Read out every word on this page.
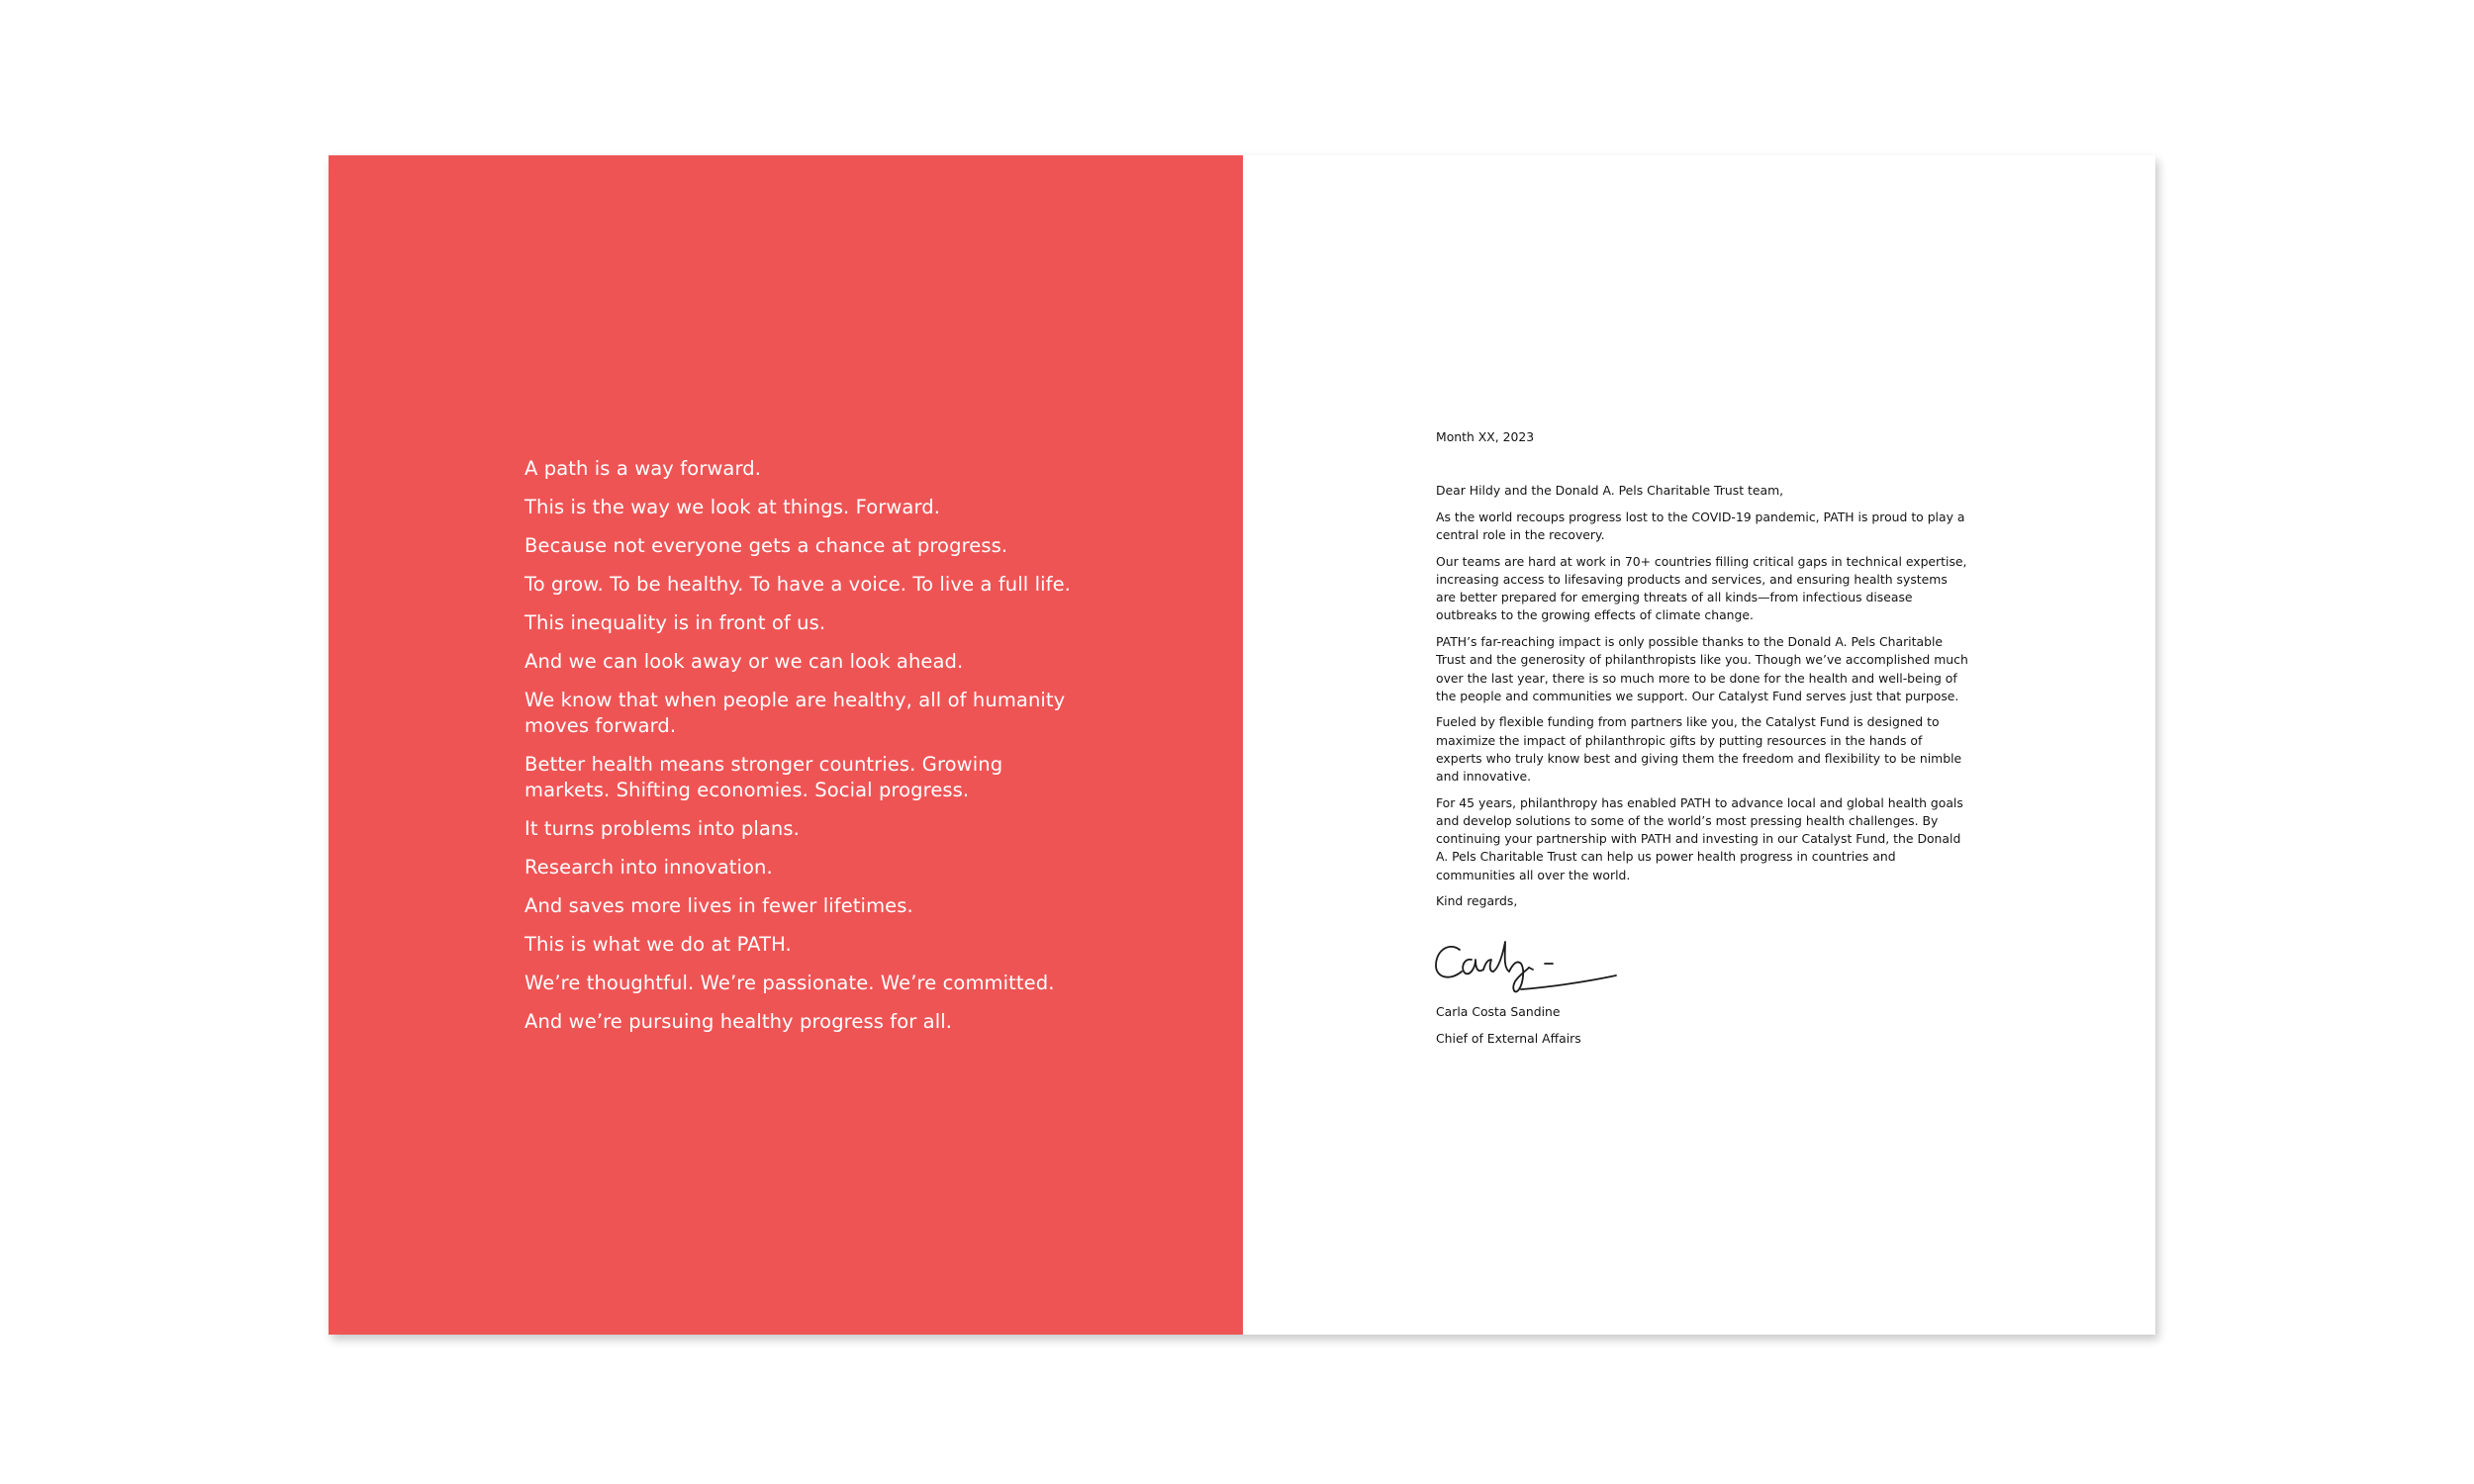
A path is a way forward.
This is the way we look at things. Forward.
Because not everyone gets a chance at progress.
To grow. To be healthy. To have a voice. To live a full life.
This inequality is in front of us.
And we can look away or we can look ahead.
We know that when people are healthy, all of humanity moves forward.
Better health means stronger countries. Growing markets. Shifting economies. Social progress.
It turns problems into plans.
Research into innovation.
And saves more lives in fewer lifetimes.
This is what we do at PATH.
We’re thoughtful. We’re passionate. We’re committed.
And we’re pursuing healthy progress for all.

Month XX, 2023

Dear Hildy and the Donald A. Pels Charitable Trust team,

As the world recoups progress lost to the COVID-19 pandemic, PATH is proud to play a central role in the recovery.

Our teams are hard at work in 70+ countries filling critical gaps in technical expertise, increasing access to lifesaving products and services, and ensuring health systems are better prepared for emerging threats of all kinds—from infectious disease outbreaks to the growing effects of climate change.

PATH’s far-reaching impact is only possible thanks to the Donald A. Pels Charitable Trust and the generosity of philanthropists like you. Though we’ve accomplished much over the last year, there is so much more to be done for the health and well-being of the people and communities we support. Our Catalyst Fund serves just that purpose.

Fueled by flexible funding from partners like you, the Catalyst Fund is designed to maximize the impact of philanthropic gifts by putting resources in the hands of experts who truly know best and giving them the freedom and flexibility to be nimble and innovative.

For 45 years, philanthropy has enabled PATH to advance local and global health goals and develop solutions to some of the world’s most pressing health challenges. By continuing your partnership with PATH and investing in our Catalyst Fund, the Donald A. Pels Charitable Trust can help us power health progress in countries and communities all over the world.

Kind regards,

Carla Costa Sandine

Chief of External Affairs
